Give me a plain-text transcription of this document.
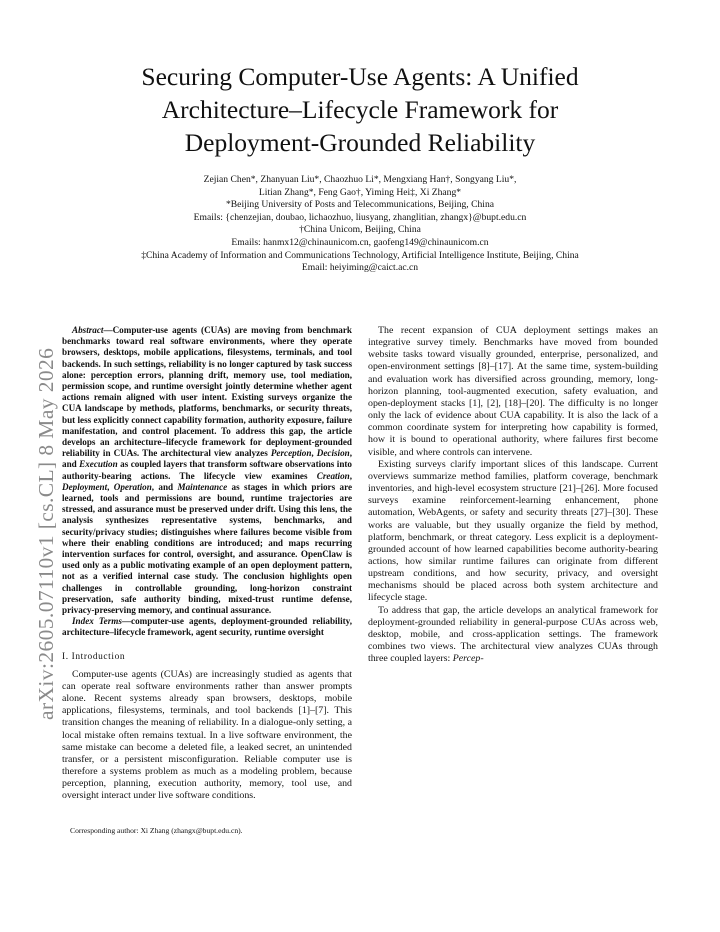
arXiv:2605.07110v1 [cs.CL] 8 May 2026
Securing Computer-Use Agents: A Unified
Architecture–Lifecycle Framework for
Deployment-Grounded Reliability
Zejian Chen*, Zhanyuan Liu*, Chaozhuo Li*, Mengxiang Han†, Songyang Liu*,
Litian Zhang*, Feng Gao†, Yiming Hei‡, Xi Zhang*
*Beijing University of Posts and Telecommunications, Beijing, China
Emails: {chenzejian, doubao, lichaozhuo, liusyang, zhanglitian, zhangx}@bupt.edu.cn
†China Unicom, Beijing, China
Emails: hanmx12@chinaunicom.cn, gaofeng149@chinaunicom.cn
‡China Academy of Information and Communications Technology, Artificial Intelligence Institute, Beijing, China
Email: heiyiming@caict.ac.cn

Abstract—Computer-use agents (CUAs) are moving from benchmark benchmarks toward real software environments, where they operate browsers, desktops, mobile applications, filesystems, terminals, and tool backends. In such settings, reliability is no longer captured by task success alone: perception errors, planning drift, memory use, tool mediation, permission scope, and runtime oversight jointly determine whether agent actions remain aligned with user intent. Existing surveys organize the CUA landscape by methods, platforms, benchmarks, or security threats, but less explicitly connect capability formation, authority exposure, failure manifestation, and control placement. To address this gap, the article develops an architecture–lifecycle framework for deployment-grounded reliability in CUAs. The architectural view analyzes Perception, Decision, and Execution as coupled layers that transform software observations into authority-bearing actions. The lifecycle view examines Creation, Deployment, Operation, and Maintenance as stages in which priors are learned, tools and permissions are bound, runtime trajectories are stressed, and assurance must be preserved under drift. Using this lens, the analysis synthesizes representative systems, benchmarks, and security/privacy studies; distinguishes where failures become visible from where their enabling conditions are introduced; and maps recurring intervention surfaces for control, oversight, and assurance. OpenClaw is used only as a public motivating example of an open deployment pattern, not as a verified internal case study. The conclusion highlights open challenges in controllable grounding, long-horizon constraint preservation, safe authority binding, mixed-trust runtime defense, privacy-preserving memory, and continual assurance.

Index Terms—computer-use agents, deployment-grounded reliability, architecture–lifecycle framework, agent security, runtime oversight

I. Introduction

Computer-use agents (CUAs) are increasingly studied as agents that can operate real software environments rather than answer prompts alone. Recent systems already span browsers, desktops, mobile applications, filesystems, terminals, and tool backends [1]–[7]. This transition changes the meaning of reliability. In a dialogue-only setting, a local mistake often remains textual. In a live software environment, the same mistake can become a deleted file, a leaked secret, an unintended transfer, or a persistent misconfiguration. Reliable computer use is therefore a systems problem as much as a modeling problem, because perception, planning, execution authority, memory, tool use, and oversight interact under live software conditions.

The recent expansion of CUA deployment settings makes an integrative survey timely. Benchmarks have moved from bounded website tasks toward visually grounded, enterprise, personalized, and open-environment settings [8]–[17]. At the same time, system-building and evaluation work has diversified across grounding, memory, long-horizon planning, tool-augmented execution, safety evaluation, and open-deployment stacks [1], [2], [18]–[20]. The difficulty is no longer only the lack of evidence about CUA capability. It is also the lack of a common coordinate system for interpreting how capability is formed, how it is bound to operational authority, where failures first become visible, and where controls can intervene.

Existing surveys clarify important slices of this landscape. Current overviews summarize method families, platform coverage, benchmark inventories, and high-level ecosystem structure [21]–[26]. More focused surveys examine reinforcement-learning enhancement, phone automation, WebAgents, or safety and security threats [27]–[30]. These works are valuable, but they usually organize the field by method, platform, benchmark, or threat category. Less explicit is a deployment-grounded account of how learned capabilities become authority-bearing actions, how similar runtime failures can originate from different upstream conditions, and how security, privacy, and oversight mechanisms should be placed across both system architecture and lifecycle stage.

To address that gap, the article develops an analytical framework for deployment-grounded reliability in general-purpose CUAs across web, desktop, mobile, and cross-application settings. The framework combines two views. The architectural view analyzes CUAs through three coupled layers: Percep-

Corresponding author: Xi Zhang (zhangx@bupt.edu.cn).
